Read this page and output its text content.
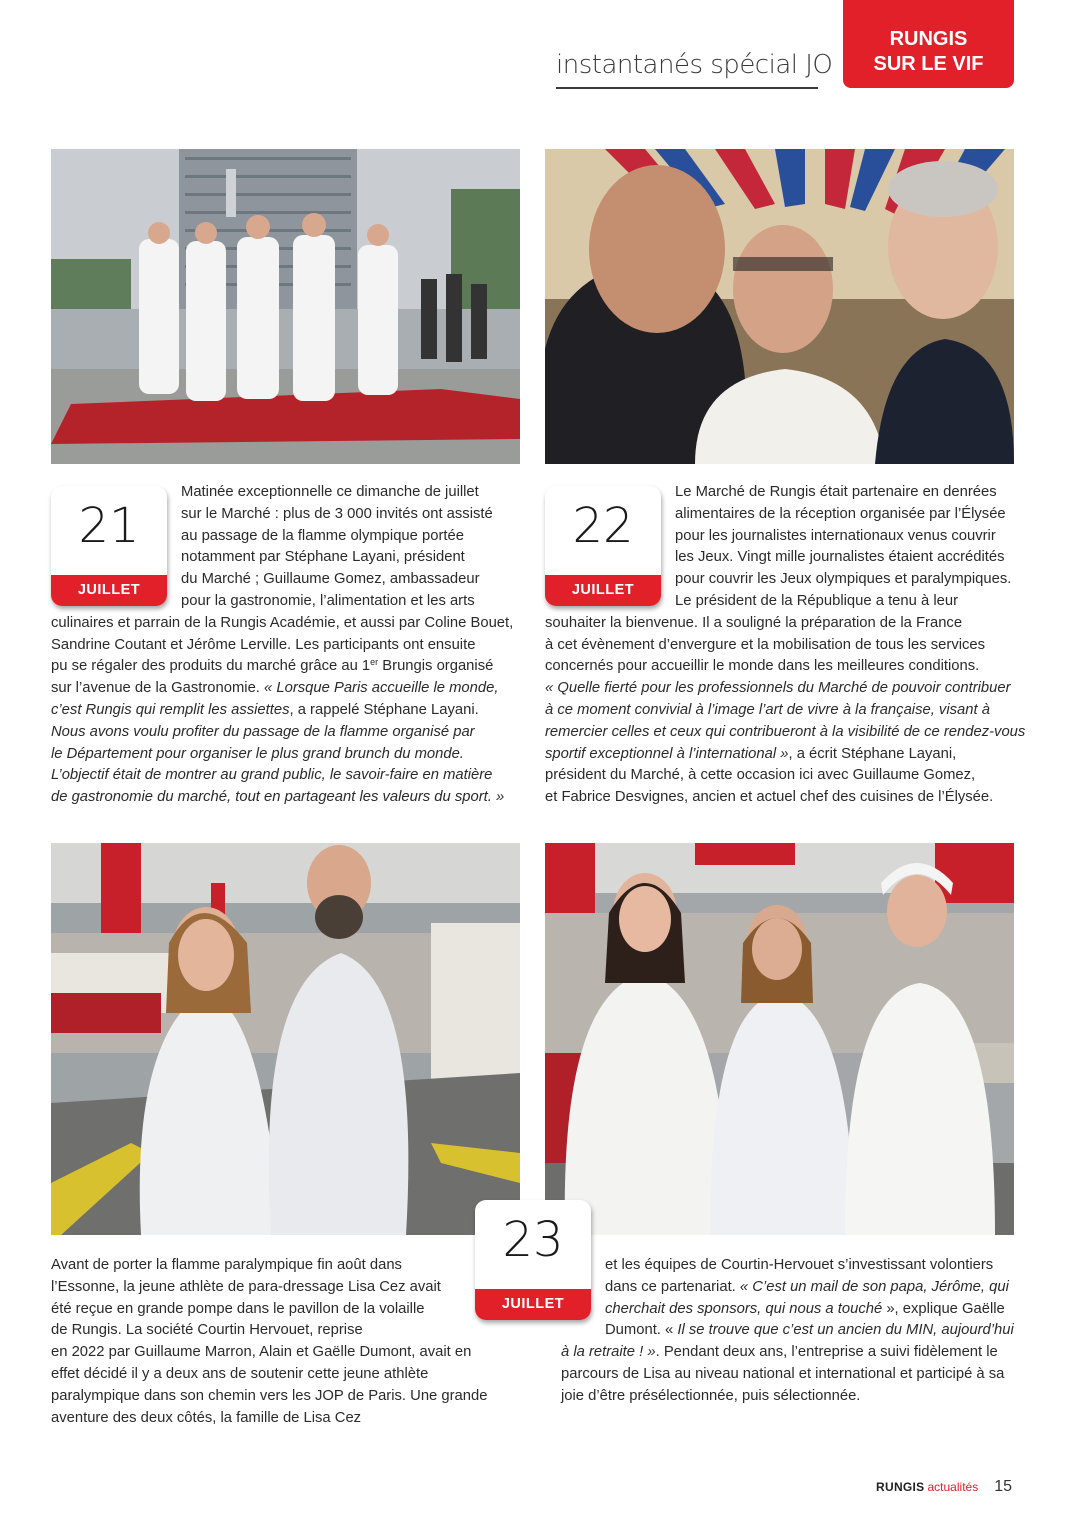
instantanés spécial JO
RUNGIS
SUR LE VIF
21
JUILLET

Matinée exceptionnelle ce dimanche de juillet

sur le Marché : plus de 3 000 invités ont assisté

au passage de la flamme olympique portée

notamment par Stéphane Layani, président

du Marché ; Guillaume Gomez, ambassadeur

pour la gastronomie, l’alimentation et les arts

culinaires et parrain de la Rungis Académie, et aussi par Coline Bouet,

Sandrine Coutant et Jérôme Lerville. Les participants ont ensuite

pu se régaler des produits du marché grâce au 1er Brungis organisé

sur l’avenue de la Gastronomie. « Lorsque Paris accueille le monde,

c’est Rungis qui remplit les assiettes, a rappelé Stéphane Layani.

Nous avons voulu profiter du passage de la flamme organisé par

le Département pour organiser le plus grand brunch du monde.

L’objectif était de montrer au grand public, le savoir-faire en matière

de gastronomie du marché, tout en partageant les valeurs du sport. »

22
JUILLET

Le Marché de Rungis était partenaire en denrées

alimentaires de la réception organisée par l’Élysée

pour les journalistes internationaux venus couvrir

les Jeux. Vingt mille journalistes étaient accrédités

pour couvrir les Jeux olympiques et paralympiques.

Le président de la République a tenu à leur

souhaiter la bienvenue. Il a souligné la préparation de la France

à cet évènement d’envergure et la mobilisation de tous les services

concernés pour accueillir le monde dans les meilleures conditions.

« Quelle fierté pour les professionnels du Marché de pouvoir contribuer

à ce moment convivial à l’image l’art de vivre à la française, visant à

remercier celles et ceux qui contribueront à la visibilité de ce rendez-vous

sportif exceptionnel à l’international », a écrit Stéphane Layani,

président du Marché, à cette occasion ici avec Guillaume Gomez,

et Fabrice Desvignes, ancien et actuel chef des cuisines de l’Élysée.

23
JUILLET

Avant de porter la flamme paralympique fin août dans

l’Essonne, la jeune athlète de para-dressage Lisa Cez avait

été reçue en grande pompe dans le pavillon de la volaille

de Rungis. La société Courtin Hervouet, reprise

en 2022 par Guillaume Marron, Alain et Gaëlle Dumont, avait en

effet décidé il y a deux ans de soutenir cette jeune athlète

paralympique dans son chemin vers les JOP de Paris. Une grande

aventure des deux côtés, la famille de Lisa Cez

et les équipes de Courtin-Hervouet s’investissant volontiers

dans ce partenariat. « C’est un mail de son papa, Jérôme, qui

cherchait des sponsors, qui nous a touché », explique Gaëlle

Dumont. « Il se trouve que c’est un ancien du MIN, aujourd’hui

à la retraite ! ». Pendant deux ans, l’entreprise a suivi fidèlement le

parcours de Lisa au niveau national et international et participé à sa

joie d’être présélectionnée, puis sélectionnée.

RUNGIS actualités 15
